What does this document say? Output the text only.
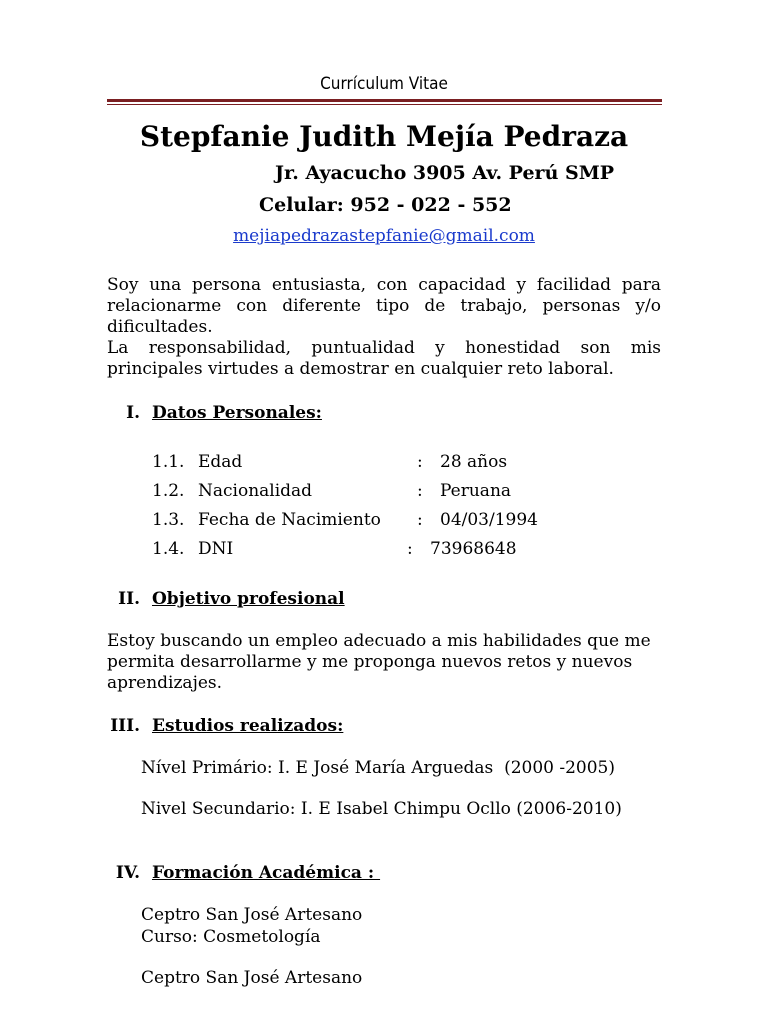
Currículum Vitae
Stepfanie Judith Mejía Pedraza
Jr. Ayacucho 3905 Av. Perú SMP
Celular: 952 - 022 - 552
mejiapedrazastepfanie@gmail.com

Soy una persona entusiasta, con capacidad y facilidad para relacionarme con diferente tipo de trabajo, personas y/o dificultades.

La responsabilidad, puntualidad y honestidad son mis principales virtudes a demostrar en cualquier reto laboral.

I. Datos Personales:
1.1. Edad	: 28 años
1.2. Nacionalidad	: Peruana
1.3. Fecha de Nacimiento : 04/03/1994
1.4. DNI	: 73968648
II. Objetivo profesional

Estoy buscando un empleo adecuado a mis habilidades que me permita desarrollarme y me proponga nuevos retos y nuevos aprendizajes.

III. Estudios realizados:
Nível Primário: I. E José María Arguedas  (2000 -2005)
Nivel Secundario: I. E Isabel Chimpu Ocllo (2006-2010)
IV. Formación Académica :
Ceptro San José Artesano
Curso: Cosmetología
Ceptro San José Artesano
